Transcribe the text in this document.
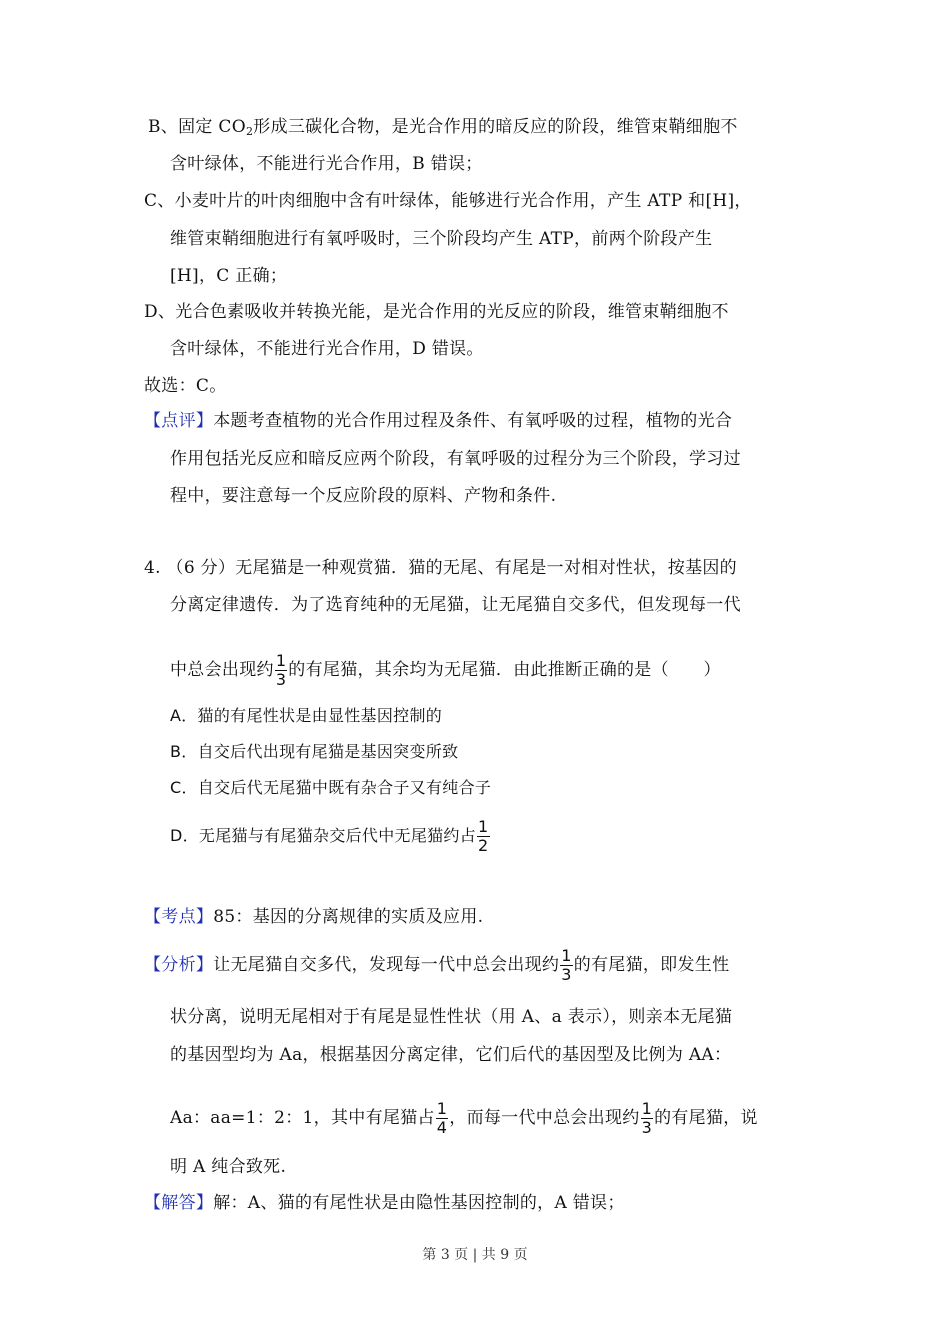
B、固定 $CO_2$形成三碳化合物，是光合作用的暗反应的阶段，维管束鞘细胞不
含叶绿体，不能进行光合作用，B 错误；
C、小麦叶片的叶肉细胞中含有叶绿体，能够进行光合作用，产生 ATP 和[H]，
维管束鞘细胞进行有氧呼吸时，三个阶段均产生 ATP，前两个阶段产生
[H]，C 正确；
D、光合色素吸收并转换光能，是光合作用的光反应的阶段，维管束鞘细胞不
含叶绿体，不能进行光合作用，D 错误。
故选：C。
【点评】本题考查植物的光合作用过程及条件、有氧呼吸的过程，植物的光合
作用包括光反应和暗反应两个阶段，有氧呼吸的过程分为三个阶段，学习过
程中，要注意每一个反应阶段的原料、产物和条件.
4. （6 分）无尾猫是一种观赏猫．猫的无尾、有尾是一对相对性状，按基因的
分离定律遗传．为了选育纯种的无尾猫，让无尾猫自交多代，但发现每一代
中总会出现约 $\frac{1}{3}$ 的有尾猫，其余均为无尾猫．由此推断正确的是（　　）
A．猫的有尾性状是由显性基因控制的
B．自交后代出现有尾猫是基因突变所致
C．自交后代无尾猫中既有杂合子又有纯合子
D．无尾猫与有尾猫杂交后代中无尾猫约占 $\frac{1}{2}$
【考点】85：基因的分离规律的实质及应用.
【分析】让无尾猫自交多代，发现每一代中总会出现约 $\frac{1}{3}$ 的有尾猫，即发生性
状分离，说明无尾相对于有尾是显性性状（用 A、a 表示），则亲本无尾猫
的基因型均为 Aa，根据基因分离定律，它们后代的基因型及比例为 AA：
Aa：aa=1：2：1，其中有尾猫占 $\frac{1}{4}$ ，而每一代中总会出现约 $\frac{1}{3}$ 的有尾猫，说
明 A 纯合致死.
【解答】解：A、猫的有尾性状是由隐性基因控制的，A 错误；
第 3 页 | 共 9 页
